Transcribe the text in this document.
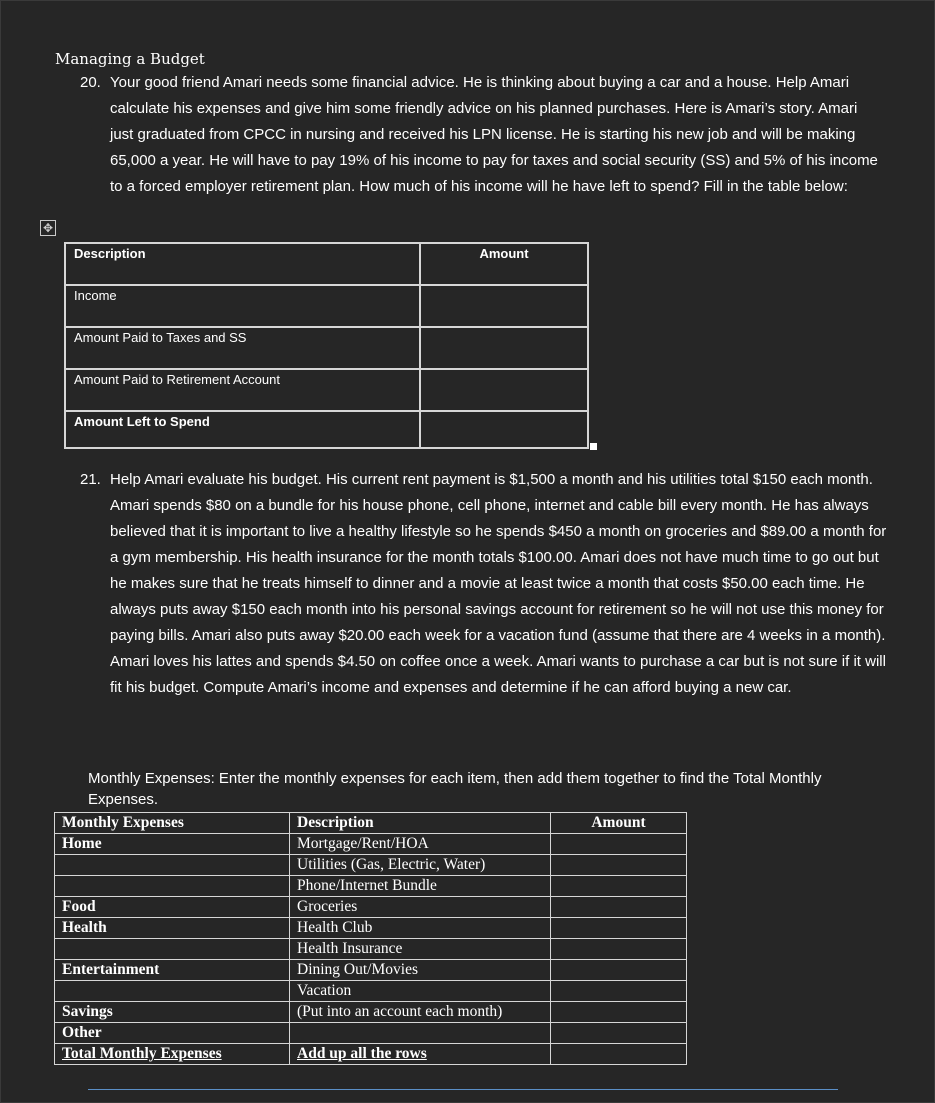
Managing a Budget
20. Your good friend Amari needs some financial advice. He is thinking about buying a car and a house. Help Amari calculate his expenses and give him some friendly advice on his planned purchases. Here is Amari’s story. Amari just graduated from CPCC in nursing and received his LPN license. He is starting his new job and will be making 65,000 a year. He will have to pay 19% of his income to pay for taxes and social security (SS) and 5% of his income to a forced employer retirement plan. How much of his income will he have left to spend? Fill in the table below:
✥
Description	Amount
Income	
Amount Paid to Taxes and SS	
Amount Paid to Retirement Account	
Amount Left to Spend	
21. Help Amari evaluate his budget. His current rent payment is $1,500 a month and his utilities total $150 each month. Amari spends $80 on a bundle for his house phone, cell phone, internet and cable bill every month. He has always believed that it is important to live a healthy lifestyle so he spends $450 a month on groceries and $89.00 a month for a gym membership. His health insurance for the month totals $100.00. Amari does not have much time to go out but he makes sure that he treats himself to dinner and a movie at least twice a month that costs $50.00 each time. He always puts away $150 each month into his personal savings account for retirement so he will not use this money for paying bills. Amari also puts away $20.00 each week for a vacation fund (assume that there are 4 weeks in a month). Amari loves his lattes and spends $4.50 on coffee once a week. Amari wants to purchase a car but is not sure if it will fit his budget. Compute Amari’s income and expenses and determine if he can afford buying a new car.
Monthly Expenses: Enter the monthly expenses for each item, then add them together to find the Total Monthly Expenses.
Monthly Expenses	Description	Amount
Home	Mortgage/Rent/HOA	
	Utilities (Gas, Electric, Water)	
	Phone/Internet Bundle	
Food	Groceries	
Health	Health Club	
	Health Insurance	
Entertainment	Dining Out/Movies	
	Vacation	
Savings	(Put into an account each month)	
Other		
Total Monthly Expenses	Add up all the rows	
